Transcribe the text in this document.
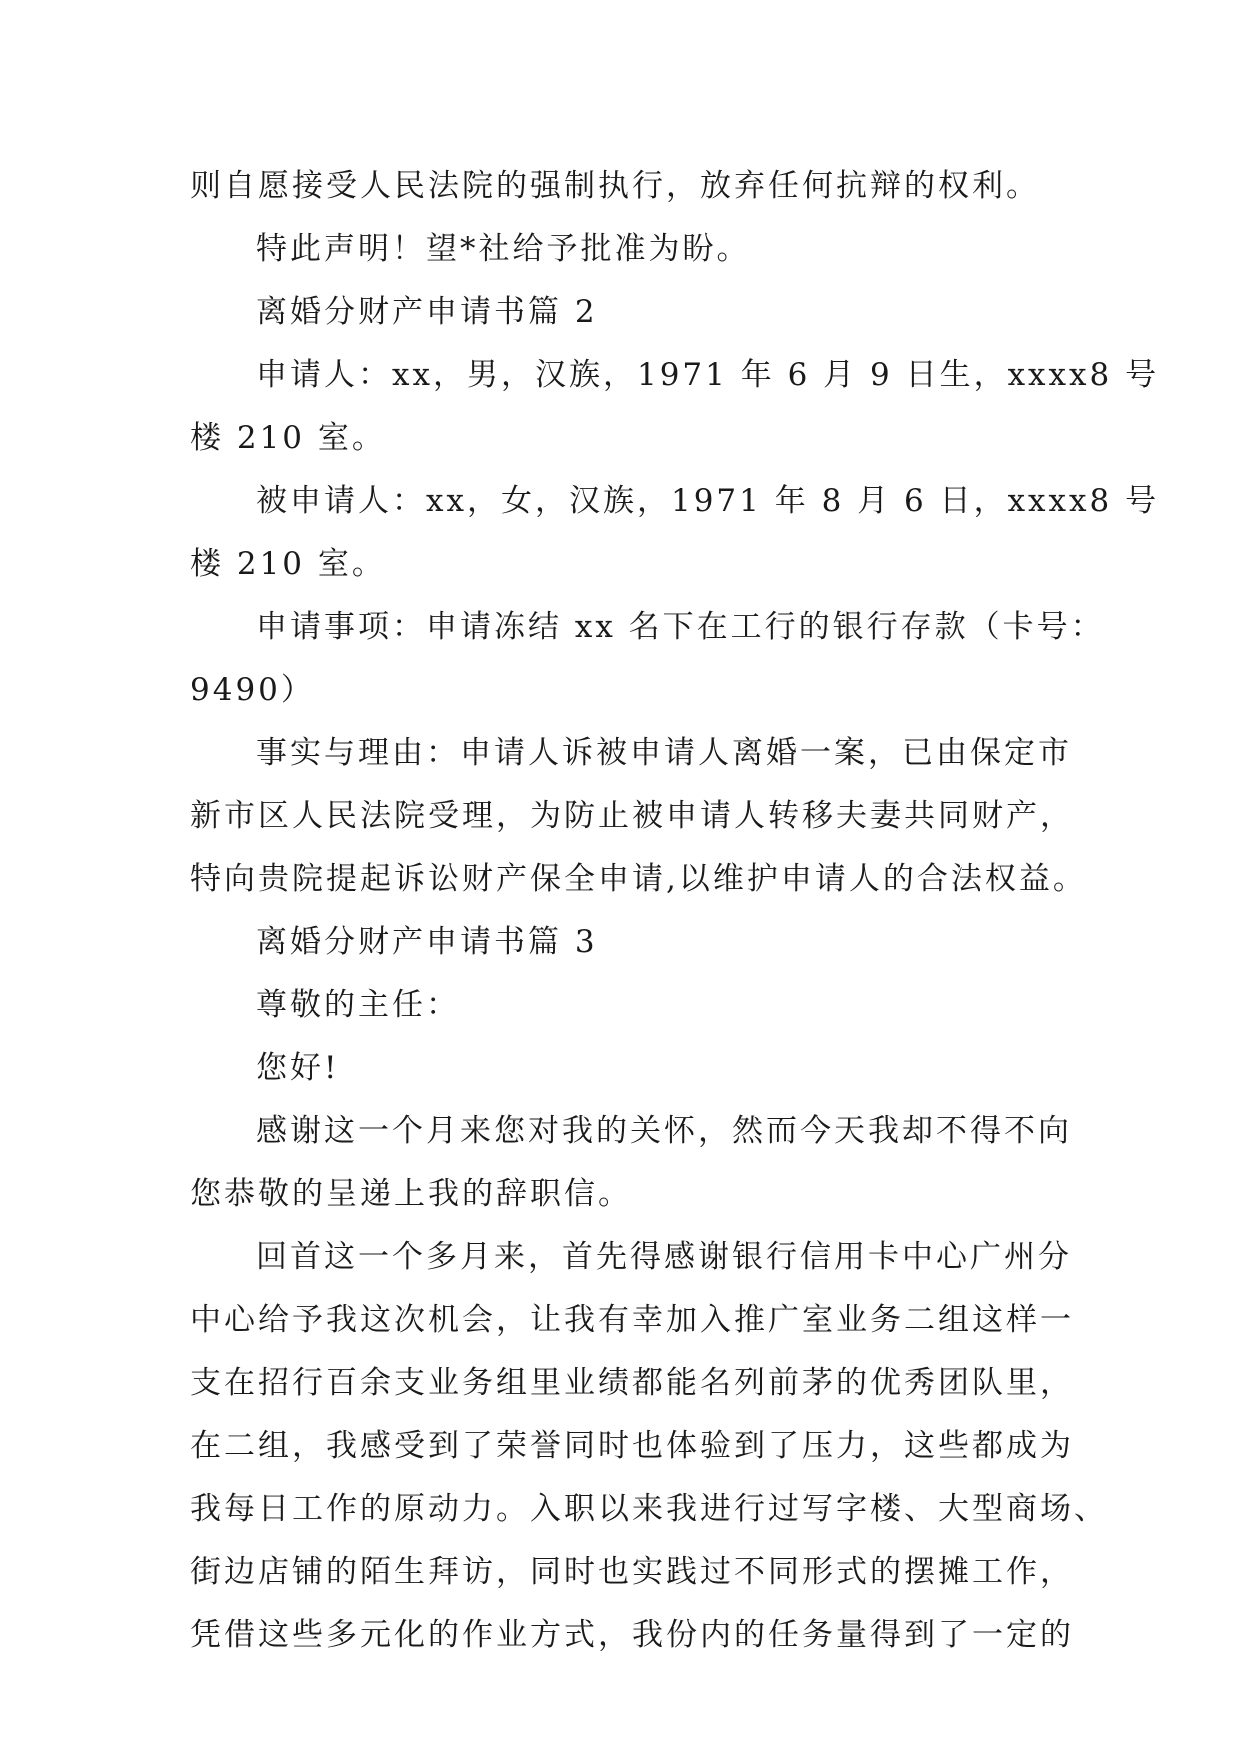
则自愿接受人民法院的强制执行，放弃任何抗辩的权利。
特此声明！望*社给予批准为盼。
离婚分财产申请书篇 2
申请人：xx，男，汉族，1971 年 6 月 9 日生，xxxx8 号
楼 210 室。
被申请人：xx，女，汉族，1971 年 8 月 6 日，xxxx8 号
楼 210 室。
申请事项：申请冻结 xx 名下在工行的银行存款（卡号：
9490）
事实与理由：申请人诉被申请人离婚一案，已由保定市
新市区人民法院受理，为防止被申请人转移夫妻共同财产，
特向贵院提起诉讼财产保全申请,以维护申请人的合法权益。
离婚分财产申请书篇 3
尊敬的主任：
您好!
感谢这一个月来您对我的关怀，然而今天我却不得不向
您恭敬的呈递上我的辞职信。
回首这一个多月来，首先得感谢银行信用卡中心广州分
中心给予我这次机会，让我有幸加入推广室业务二组这样一
支在招行百余支业务组里业绩都能名列前茅的优秀团队里，
在二组，我感受到了荣誉同时也体验到了压力，这些都成为
我每日工作的原动力。入职以来我进行过写字楼、大型商场、
街边店铺的陌生拜访，同时也实践过不同形式的摆摊工作，
凭借这些多元化的作业方式，我份内的任务量得到了一定的
